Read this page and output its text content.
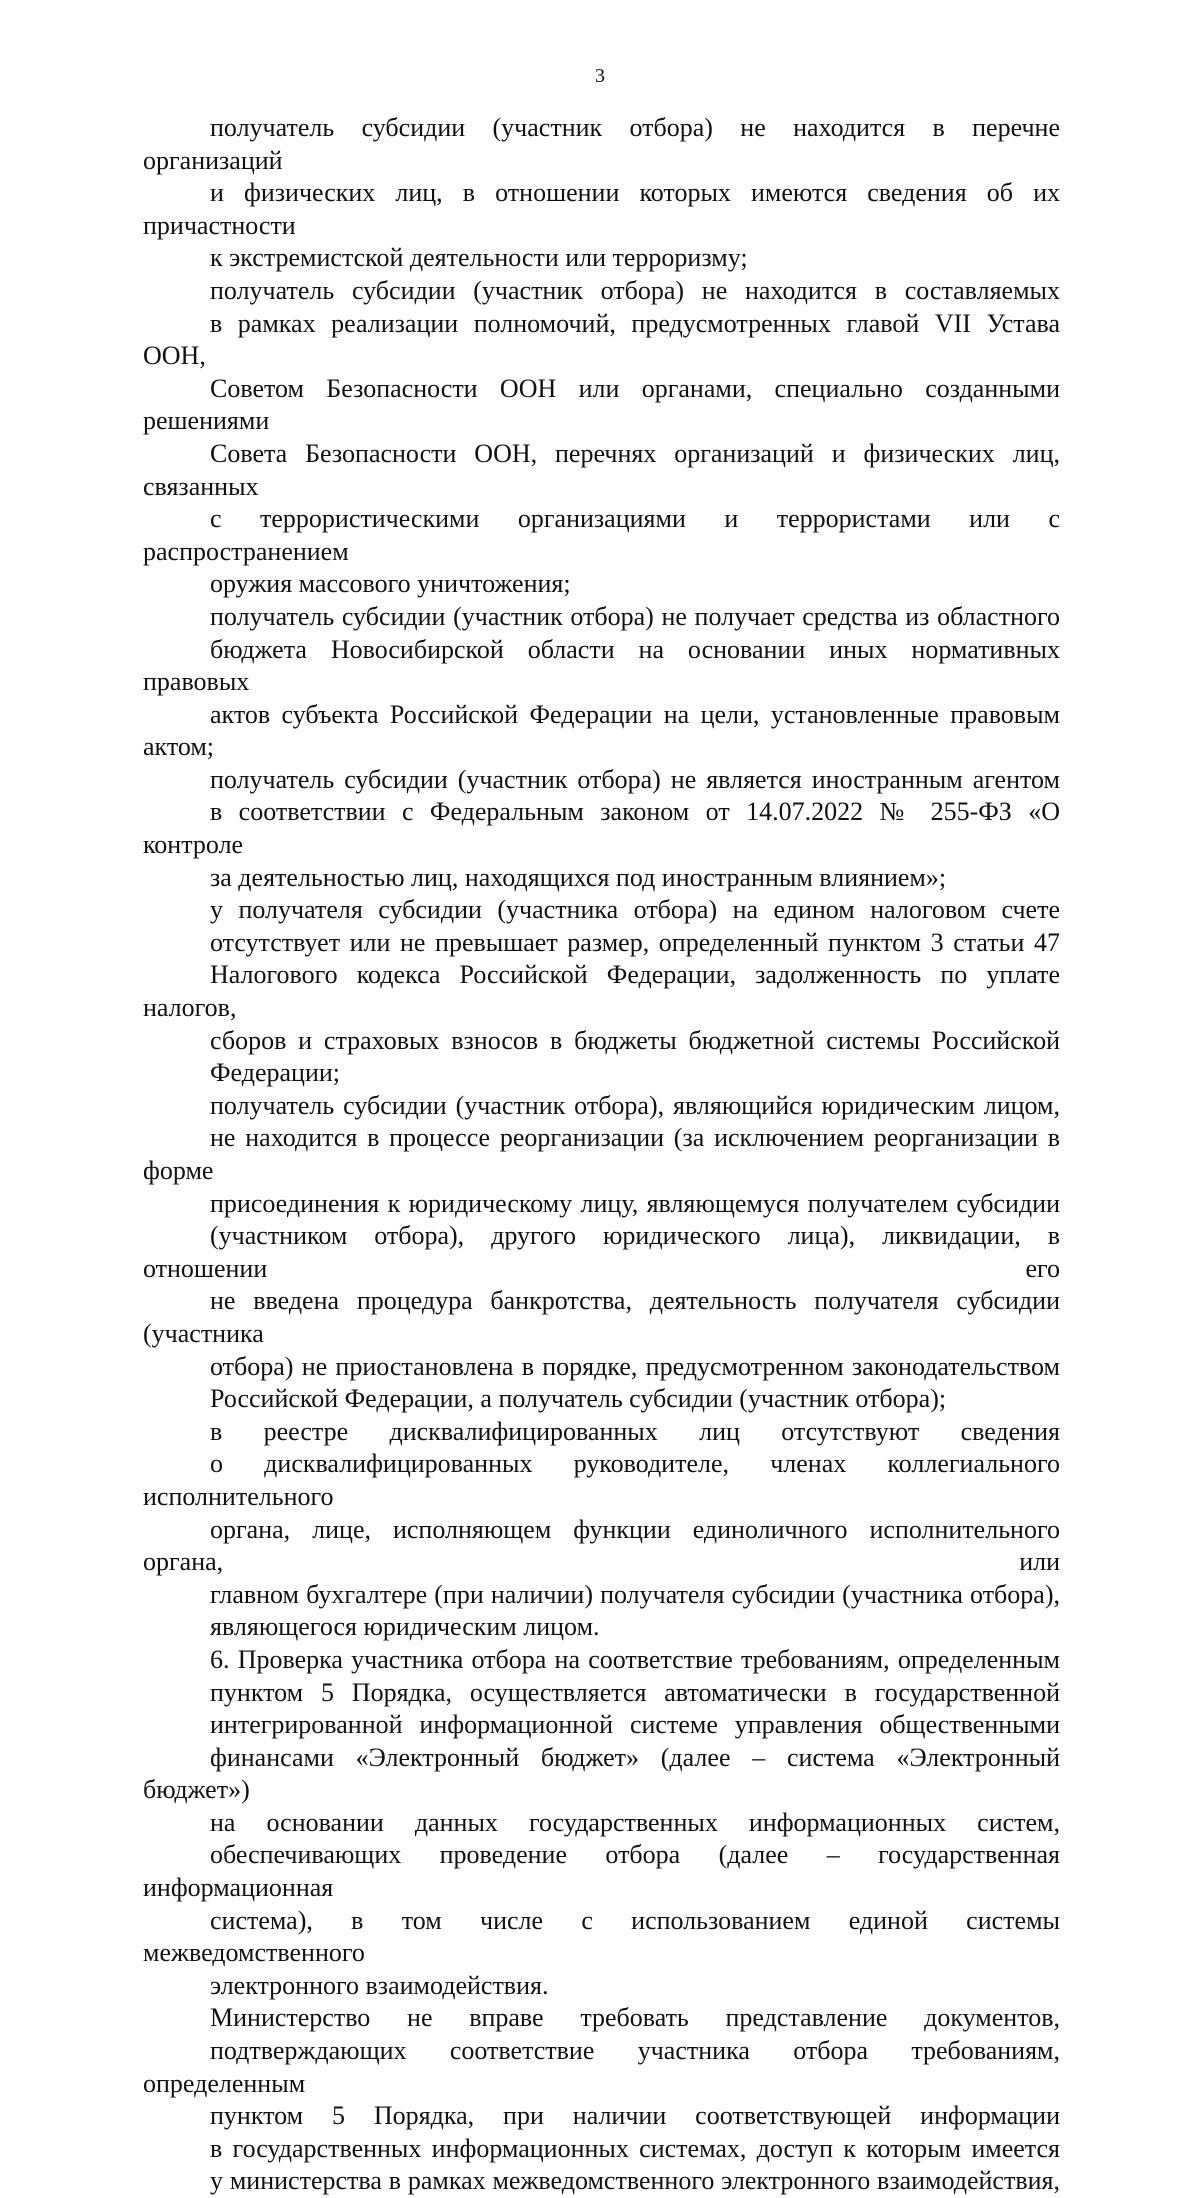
3
получатель субсидии (участник отбора) не находится в перечне организаций
и физических лиц, в отношении которых имеются сведения об их причастности
к экстремистской деятельности или терроризму;
получатель субсидии (участник отбора) не находится в составляемых
в рамках реализации полномочий, предусмотренных главой VII Устава ООН,
Советом Безопасности ООН или органами, специально созданными решениями
Совета Безопасности ООН, перечнях организаций и физических лиц, связанных
с террористическими организациями и террористами или с распространением
оружия массового уничтожения;
получатель субсидии (участник отбора) не получает средства из областного
бюджета Новосибирской области на основании иных нормативных правовых
актов субъекта Российской Федерации на цели, установленные правовым актом;
получатель субсидии (участник отбора) не является иностранным агентом
в соответствии с Федеральным законом от 14.07.2022 № 255-ФЗ «О контроле
за деятельностью лиц, находящихся под иностранным влиянием»;
у получателя субсидии (участника отбора) на едином налоговом счете
отсутствует или не превышает размер, определенный пунктом 3 статьи 47
Налогового кодекса Российской Федерации, задолженность по уплате налогов,
сборов и страховых взносов в бюджеты бюджетной системы Российской
Федерации;
получатель субсидии (участник отбора), являющийся юридическим лицом,
не находится в процессе реорганизации (за исключением реорганизации в форме
присоединения к юридическому лицу, являющемуся получателем субсидии
(участником отбора), другого юридического лица), ликвидации, в отношении его
не введена процедура банкротства, деятельность получателя субсидии (участника
отбора) не приостановлена в порядке, предусмотренном законодательством
Российской Федерации, а получатель субсидии (участник отбора);
в реестре дисквалифицированных лиц отсутствуют сведения
о дисквалифицированных руководителе, членах коллегиального исполнительного
органа, лице, исполняющем функции единоличного исполнительного органа, или
главном бухгалтере (при наличии) получателя субсидии (участника отбора),
являющегося юридическим лицом.
6. Проверка участника отбора на соответствие требованиям, определенным
пунктом 5 Порядка, осуществляется автоматически в государственной
интегрированной информационной системе управления общественными
финансами «Электронный бюджет» (далее – система «Электронный бюджет»)
на основании данных государственных информационных систем,
обеспечивающих проведение отбора (далее – государственная информационная
система), в том числе с использованием единой системы межведомственного
электронного взаимодействия.
Министерство не вправе требовать представление документов,
подтверждающих соответствие участника отбора требованиям, определенным
пунктом 5 Порядка, при наличии соответствующей информации
в государственных информационных системах, доступ к которым имеется
у министерства в рамках межведомственного электронного взаимодействия,
